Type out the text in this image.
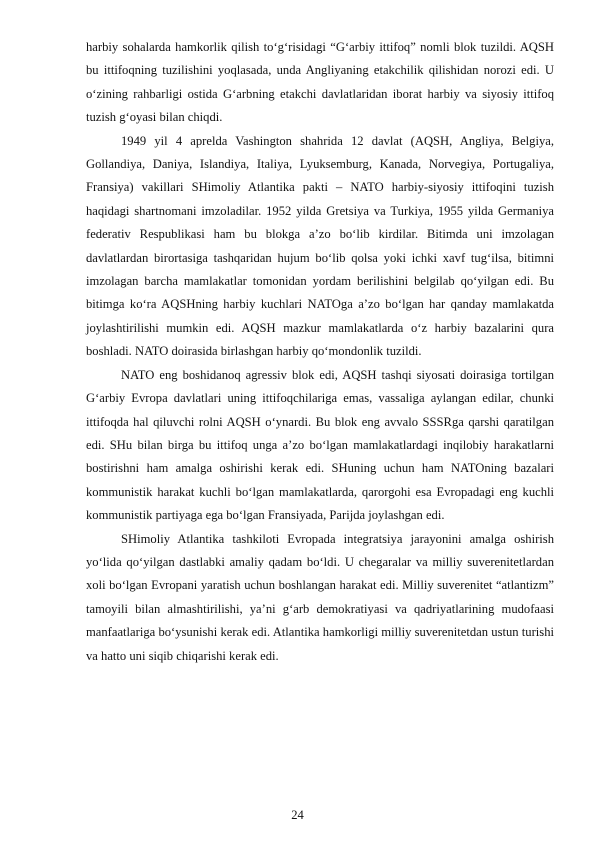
harbiy sohalarda hamkorlik qilish to‘g‘risidagi “G‘arbiy ittifoq” nomli blok tuzildi. AQSH bu ittifoqning tuzilishini yoqlasada, unda Angliyaning etakchilik qilishidan norozi edi. U o‘zining rahbarligi ostida G‘arbning etakchi davlatlaridan iborat harbiy va siyosiy ittifoq tuzish g‘oyasi bilan chiqdi.

1949 yil 4 aprelda Vashington shahrida 12 davlat (AQSH, Angliya, Belgiya, Gollandiya, Daniya, Islandiya, Italiya, Lyuksemburg, Kanada, Norvegiya, Portugaliya, Fransiya) vakillari SHimoliy Atlantika pakti – NATO harbiy-siyosiy ittifoqini tuzish haqidagi shartnomani imzoladilar. 1952 yilda Gretsiya va Turkiya, 1955 yilda Germaniya federativ Respublikasi ham bu blokga a’zo bo‘lib kirdilar. Bitimda uni imzolagan davlatlardan birortasiga tashqaridan hujum bo‘lib qolsa yoki ichki xavf tug‘ilsa, bitimni imzolagan barcha mamlakatlar tomonidan yordam berilishini belgilab qo‘yilgan edi. Bu bitimga ko‘ra AQSHning harbiy kuchlari NATOga a’zo bo‘lgan har qanday mamlakatda joylashtirilishi mumkin edi. AQSH mazkur mamlakatlarda o‘z harbiy bazalarini qura boshladi. NATO doirasida birlashgan harbiy qo‘mondonlik tuzildi.

NATO eng boshidanoq agressiv blok edi, AQSH tashqi siyosati doirasiga tortilgan G‘arbiy Evropa davlatlari uning ittifoqchilariga emas, vassaliga aylangan edilar, chunki ittifoqda hal qiluvchi rolni AQSH o‘ynardi. Bu blok eng avvalo SSSRga qarshi qaratilgan edi. SHu bilan birga bu ittifoq unga a’zo bo‘lgan mamlakatlardagi inqilobiy harakatlarni bostirishni ham amalga oshirishi kerak edi. SHuning uchun ham NATOning bazalari kommunistik harakat kuchli bo‘lgan mamlakatlarda, qarorgohi esa Evropadagi eng kuchli kommunistik partiyaga ega bo‘lgan Fransiyada, Parijda joylashgan edi.

SHimoliy Atlantika tashkiloti Evropada integratsiya jarayonini amalga oshirish yo‘lida qo‘yilgan dastlabki amaliy qadam bo‘ldi. U chegaralar va milliy suverenitetlardan xoli bo‘lgan Evropani yaratish uchun boshlangan harakat edi. Milliy suverenitet “atlantizm” tamoyili bilan almashtirilishi, ya’ni g‘arb demokratiyasi va qadriyatlarining mudofaasi manfaatlariga bo‘ysunishi kerak edi. Atlantika hamkorligi milliy suverenitetdan ustun turishi va hatto uni siqib chiqarishi kerak edi.

24
